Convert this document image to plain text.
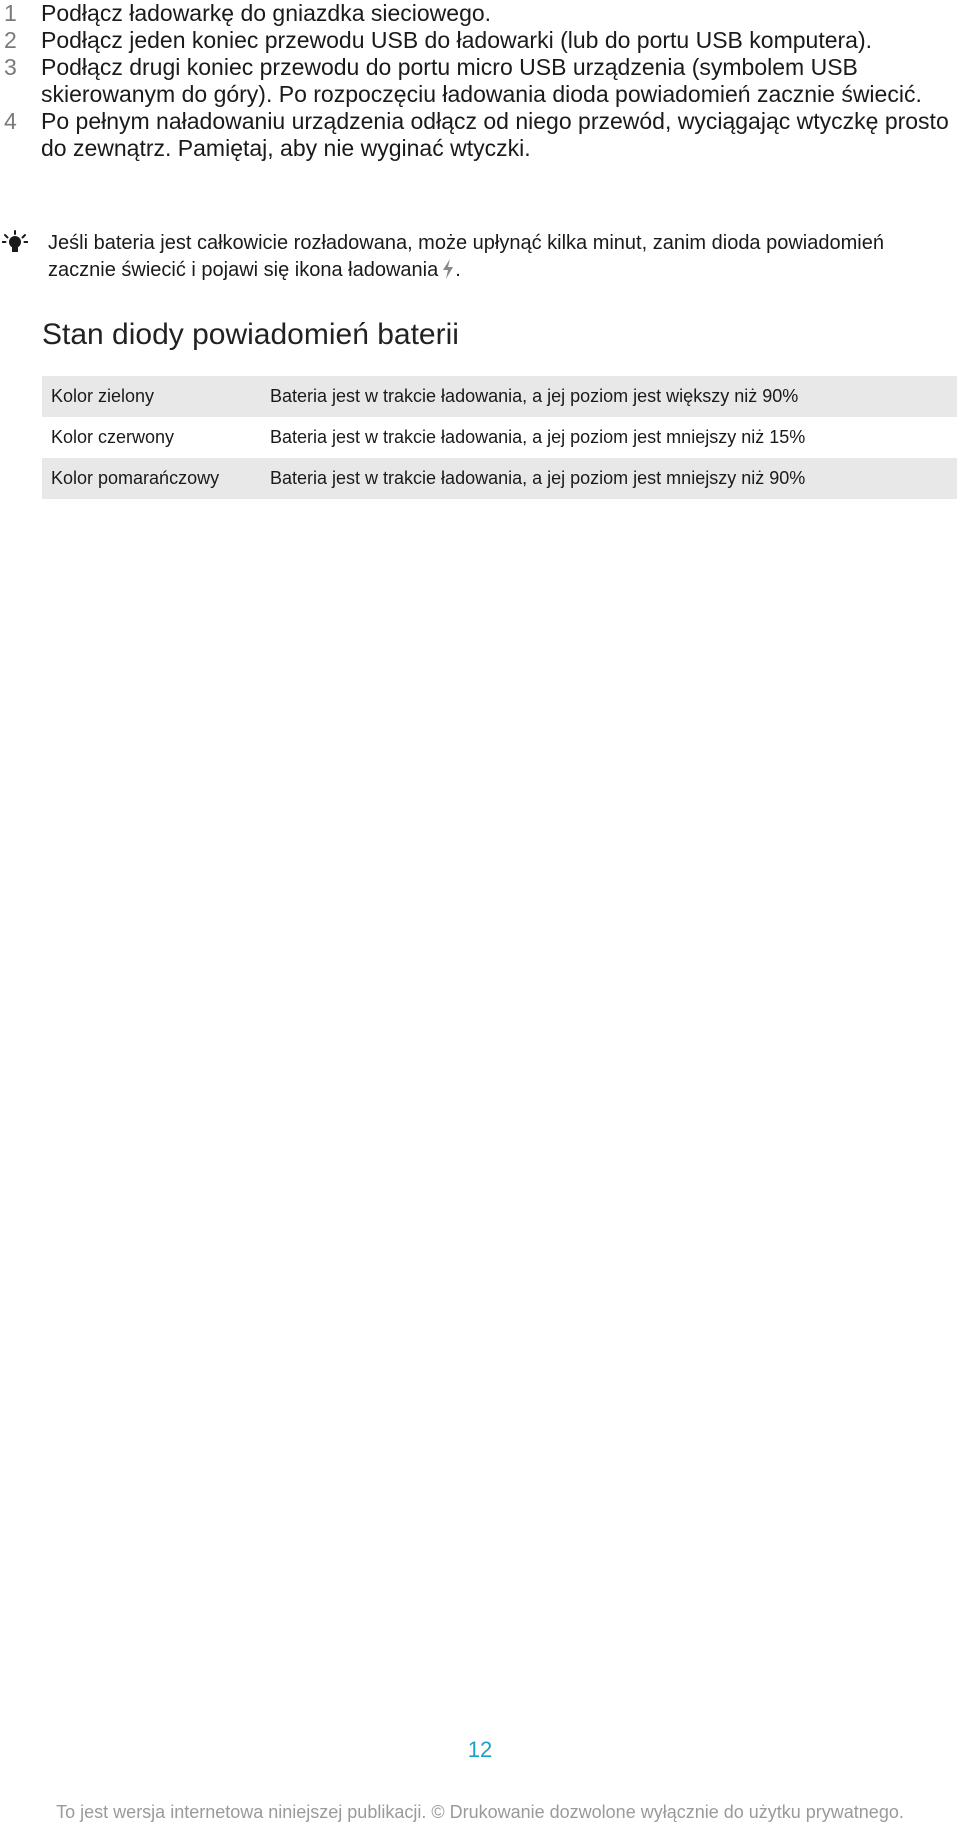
1 Podłącz ładowarkę do gniazdka sieciowego.
2 Podłącz jeden koniec przewodu USB do ładowarki (lub do portu USB komputera).
3 Podłącz drugi koniec przewodu do portu micro USB urządzenia (symbolem USB skierowanym do góry). Po rozpoczęciu ładowania dioda powiadomień zacznie świecić.
4 Po pełnym naładowaniu urządzenia odłącz od niego przewód, wyciągając wtyczkę prosto do zewnątrz. Pamiętaj, aby nie wyginać wtyczki.
Jeśli bateria jest całkowicie rozładowana, może upłynąć kilka minut, zanim dioda powiadomień zacznie świecić i pojawi się ikona ładowania .
Stan diody powiadomień baterii
Kolor zielony	Bateria jest w trakcie ładowania, a jej poziom jest większy niż 90%
Kolor czerwony	Bateria jest w trakcie ładowania, a jej poziom jest mniejszy niż 15%
Kolor pomarańczowy	Bateria jest w trakcie ładowania, a jej poziom jest mniejszy niż 90%
12
To jest wersja internetowa niniejszej publikacji. © Drukowanie dozwolone wyłącznie do użytku prywatnego.
